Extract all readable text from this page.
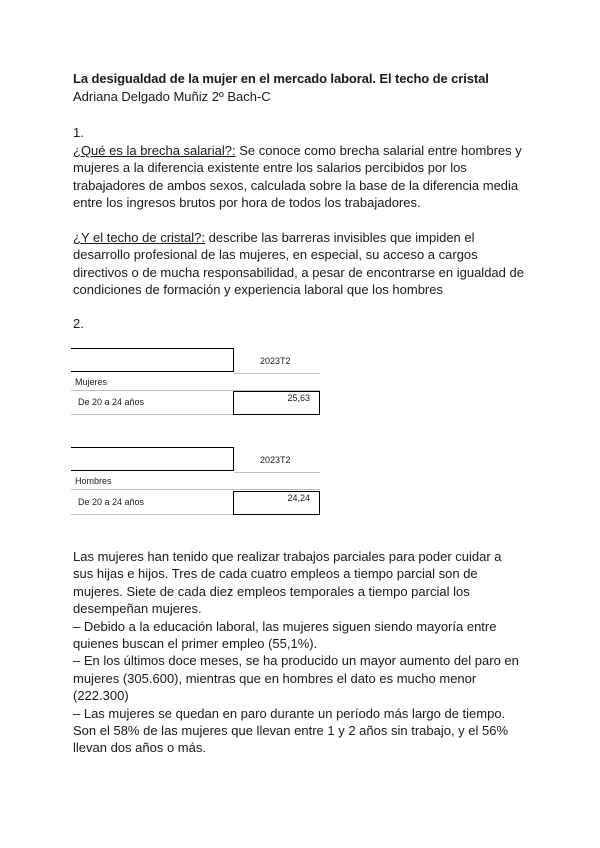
La desigualdad de la mujer en el mercado laboral. El techo de cristal
Adriana Delgado Muñiz 2º Bach-C
1.
¿Qué es la brecha salarial?: Se conoce como brecha salarial entre hombres y
mujeres a la diferencia existente entre los salarios percibidos por los
trabajadores de ambos sexos, calculada sobre la base de la diferencia media
entre los ingresos brutos por hora de todos los trabajadores.
¿Y el techo de cristal?: describe las barreras invisibles que impiden el
desarrollo profesional de las mujeres, en especial, su acceso a cargos
directivos o de mucha responsabilidad, a pesar de encontrarse en igualdad de
condiciones de formación y experiencia laboral que los hombres
2.
2023T2
Mujeres
De 20 a 24 años	25,63
2023T2
Hombres
De 20 a 24 años	24,24
Las mujeres han tenido que realizar trabajos parciales para poder cuidar a
sus hijas e hijos. Tres de cada cuatro empleos a tiempo parcial son de
mujeres. Siete de cada diez empleos temporales a tiempo parcial los
desempeñan mujeres.
– Debido a la educación laboral, las mujeres siguen siendo mayoría entre
quienes buscan el primer empleo (55,1%).
– En los últimos doce meses, se ha producido un mayor aumento del paro en
mujeres (305.600), mientras que en hombres el dato es mucho menor
(222.300)
– Las mujeres se quedan en paro durante un período más largo de tiempo.
Son el 58% de las mujeres que llevan entre 1 y 2 años sin trabajo, y el 56%
llevan dos años o más.
